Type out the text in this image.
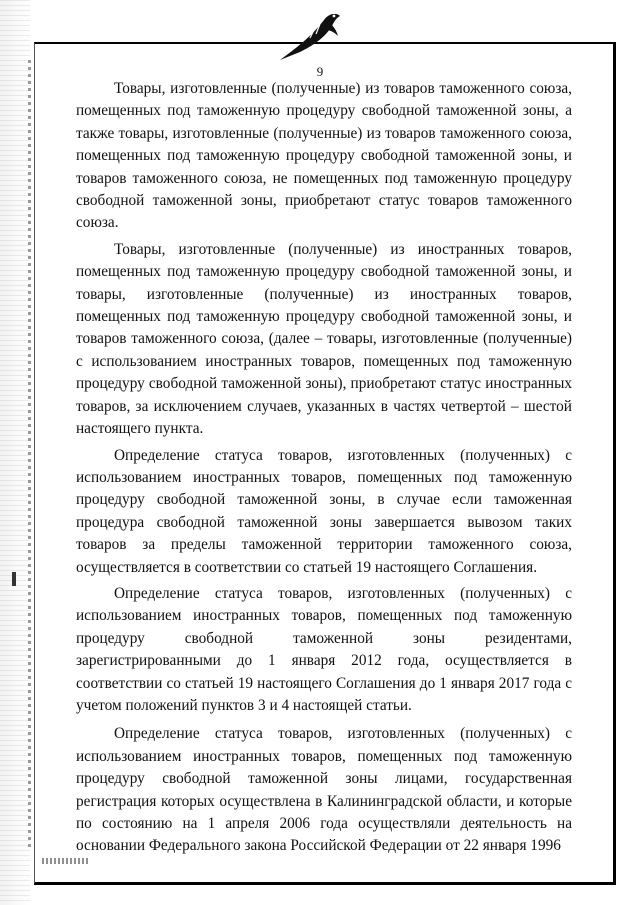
9

Товары, изготовленные (полученные) из товаров таможенного союза, помещенных под таможенную процедуру свободной таможенной зоны, а также товары, изготовленные (полученные) из товаров таможенного союза, помещенных под таможенную процедуру свободной таможенной зоны, и товаров таможенного союза, не помещенных под таможенную процедуру свободной таможенной зоны, приобретают статус товаров таможенного союза.

Товары, изготовленные (полученные) из иностранных товаров, помещенных под таможенную процедуру свободной таможенной зоны, и товары, изготовленные (полученные) из иностранных товаров, помещенных под таможенную процедуру свободной таможенной зоны, и товаров таможенного союза, (далее – товары, изготовленные (полученные) с использованием иностранных товаров, помещенных под таможенную процедуру свободной таможенной зоны), приобретают статус иностранных товаров, за исключением случаев, указанных в частях четвертой – шестой настоящего пункта.

Определение статуса товаров, изготовленных (полученных) с использованием иностранных товаров, помещенных под таможенную процедуру свободной таможенной зоны, в случае если таможенная процедура свободной таможенной зоны завершается вывозом таких товаров за пределы таможенной территории таможенного союза, осуществляется в соответствии со статьей 19 настоящего Соглашения.

Определение статуса товаров, изготовленных (полученных) с использованием иностранных товаров, помещенных под таможенную процедуру свободной таможенной зоны резидентами, зарегистрированными до 1 января 2012 года, осуществляется в соответствии со статьей 19 настоящего Соглашения до 1 января 2017 года с учетом положений пунктов 3 и 4 настоящей статьи.

Определение статуса товаров, изготовленных (полученных) с использованием иностранных товаров, помещенных под таможенную процедуру свободной таможенной зоны лицами, государственная регистрация которых осуществлена в Калининградской области, и которые по состоянию на 1 апреля 2006 года осуществляли деятельность на основании Федерального закона Российской Федерации от 22 января 1996
